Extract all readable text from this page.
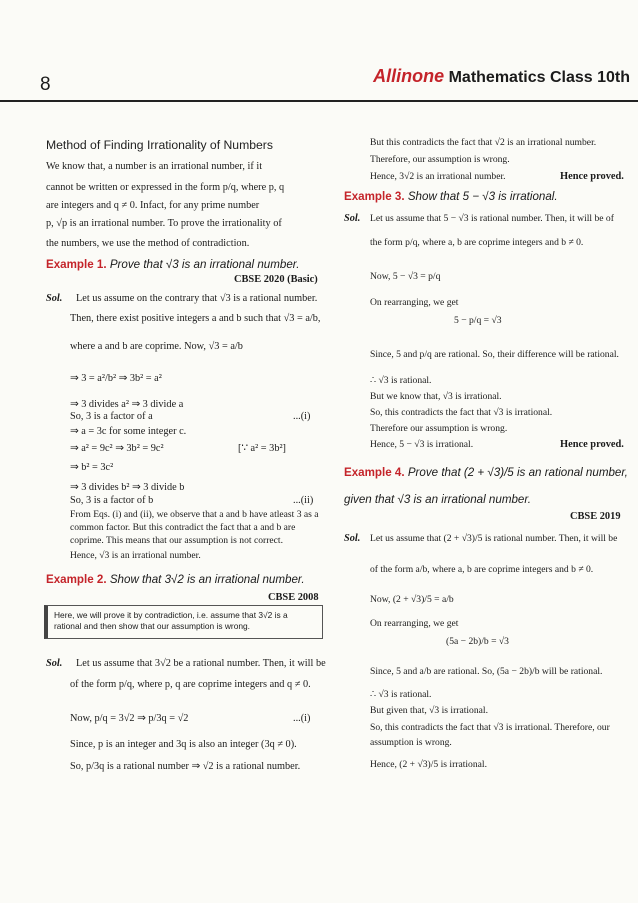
8	Allinone Mathematics Class 10th
Method of Finding Irrationality of Numbers
We know that, a number is an irrational number, if it
cannot be written or expressed in the form p/q, where p, q
are integers and q ≠ 0. Infact, for any prime number
p, √p is an irrational number. To prove the irrationality of
the numbers, we use the method of contradiction.
Example 1. Prove that √3 is an irrational number.
CBSE 2020 (Basic)
Sol. Let us assume on the contrary that √3 is a rational number.
Then, there exist positive integers a and b such that √3 = a/b,
where a and b are coprime. Now, √3 = a/b
⇒ 3 = a²/b² ⇒ 3b² = a²
⇒ 3 divides a² ⇒ 3 divide a
So, 3 is a factor of a	...(i)
⇒ a = 3c for some integer c.
⇒ a² = 9c² ⇒ 3b² = 9c²	[∵ a² = 3b²]
⇒ b² = 3c²
⇒ 3 divides b² ⇒ 3 divide b
So, 3 is a factor of b	...(ii)
From Eqs. (i) and (ii), we observe that a and b have atleast 3 as a
common factor. But this contradict the fact that a and b are
coprime. This means that our assumption is not correct.
Hence, √3 is an irrational number.
Example 2. Show that 3√2 is an irrational number.
CBSE 2008
Here, we will prove it by contradiction, i.e. assume that 3√2 is a rational and then show that our assumption is wrong.
Sol. Let us assume that 3√2 be a rational number. Then, it will be
of the form p/q, where p, q are coprime integers and q ≠ 0.
Now, p/q = 3√2 ⇒ p/3q = √2	...(i)
Since, p is an integer and 3q is also an integer (3q ≠ 0).
So, p/3q is a rational number ⇒ √2 is a rational number.
But this contradicts the fact that √2 is an irrational number.
Therefore, our assumption is wrong.
Hence, 3√2 is an irrational number.	Hence proved.
Example 3. Show that 5 − √3 is irrational.
Sol. Let us assume that 5 − √3 is rational number. Then, it will be of
the form p/q, where a, b are coprime integers and b ≠ 0.
Now, 5 − √3 = p/q
On rearranging, we get
5 − p/q = √3
Since, 5 and p/q are rational. So, their difference will be rational.
∴ √3 is rational.
But we know that, √3 is irrational.
So, this contradicts the fact that √3 is irrational.
Therefore our assumption is wrong.
Hence, 5 − √3 is irrational.	Hence proved.
Example 4. Prove that (2 + √3)/5 is an rational number,
given that √3 is an irrational number.
CBSE 2019
Sol. Let us assume that (2 + √3)/5 is rational number. Then, it will be
of the form a/b, where a, b are coprime integers and b ≠ 0.
Now, (2 + √3)/5 = a/b
On rearranging, we get
(5a − 2b)/b = √3
Since, 5 and a/b are rational. So, (5a − 2b)/b will be rational.
∴ √3 is rational.
But given that, √3 is irrational.
So, this contradicts the fact that √3 is irrational. Therefore, our
assumption is wrong.
Hence, (2 + √3)/5 is irrational.
